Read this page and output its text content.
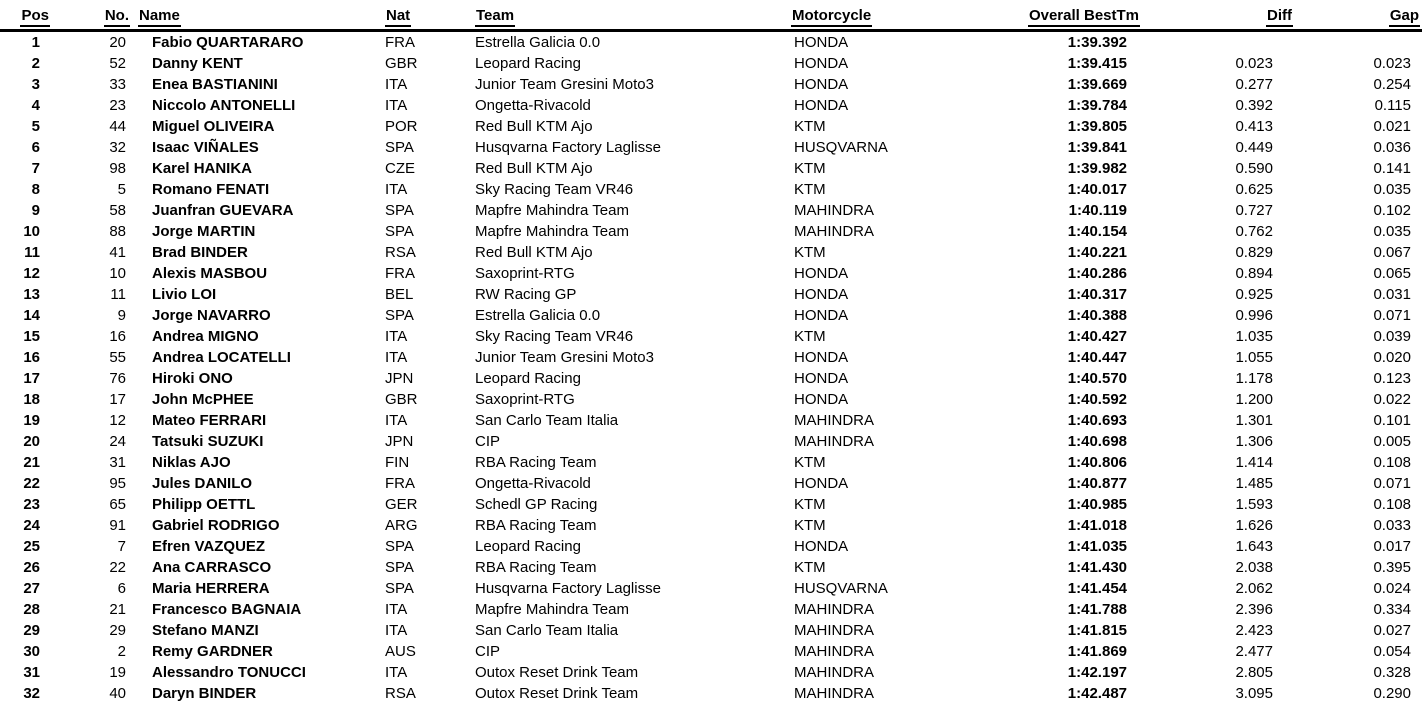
Pos	No.	Name	Nat	Team	Motorcycle	Overall BestTm	Diff	Gap
1	20	Fabio QUARTARARO	FRA	Estrella Galicia 0.0	HONDA	1:39.392		
2	52	Danny KENT	GBR	Leopard Racing	HONDA	1:39.415	0.023	0.023
3	33	Enea BASTIANINI	ITA	Junior Team Gresini Moto3	HONDA	1:39.669	0.277	0.254
4	23	Niccolo ANTONELLI	ITA	Ongetta-Rivacold	HONDA	1:39.784	0.392	0.115
5	44	Miguel OLIVEIRA	POR	Red Bull KTM Ajo	KTM	1:39.805	0.413	0.021
6	32	Isaac VIÑALES	SPA	Husqvarna Factory Laglisse	HUSQVARNA	1:39.841	0.449	0.036
7	98	Karel HANIKA	CZE	Red Bull KTM Ajo	KTM	1:39.982	0.590	0.141
8	5	Romano FENATI	ITA	Sky Racing Team VR46	KTM	1:40.017	0.625	0.035
9	58	Juanfran GUEVARA	SPA	Mapfre Mahindra Team	MAHINDRA	1:40.119	0.727	0.102
10	88	Jorge MARTIN	SPA	Mapfre Mahindra Team	MAHINDRA	1:40.154	0.762	0.035
11	41	Brad BINDER	RSA	Red Bull KTM Ajo	KTM	1:40.221	0.829	0.067
12	10	Alexis MASBOU	FRA	Saxoprint-RTG	HONDA	1:40.286	0.894	0.065
13	11	Livio LOI	BEL	RW Racing GP	HONDA	1:40.317	0.925	0.031
14	9	Jorge NAVARRO	SPA	Estrella Galicia 0.0	HONDA	1:40.388	0.996	0.071
15	16	Andrea MIGNO	ITA	Sky Racing Team VR46	KTM	1:40.427	1.035	0.039
16	55	Andrea LOCATELLI	ITA	Junior Team Gresini Moto3	HONDA	1:40.447	1.055	0.020
17	76	Hiroki ONO	JPN	Leopard Racing	HONDA	1:40.570	1.178	0.123
18	17	John McPHEE	GBR	Saxoprint-RTG	HONDA	1:40.592	1.200	0.022
19	12	Mateo FERRARI	ITA	San Carlo Team Italia	MAHINDRA	1:40.693	1.301	0.101
20	24	Tatsuki SUZUKI	JPN	CIP	MAHINDRA	1:40.698	1.306	0.005
21	31	Niklas AJO	FIN	RBA Racing Team	KTM	1:40.806	1.414	0.108
22	95	Jules DANILO	FRA	Ongetta-Rivacold	HONDA	1:40.877	1.485	0.071
23	65	Philipp OETTL	GER	Schedl GP Racing	KTM	1:40.985	1.593	0.108
24	91	Gabriel RODRIGO	ARG	RBA Racing Team	KTM	1:41.018	1.626	0.033
25	7	Efren VAZQUEZ	SPA	Leopard Racing	HONDA	1:41.035	1.643	0.017
26	22	Ana CARRASCO	SPA	RBA Racing Team	KTM	1:41.430	2.038	0.395
27	6	Maria HERRERA	SPA	Husqvarna Factory Laglisse	HUSQVARNA	1:41.454	2.062	0.024
28	21	Francesco BAGNAIA	ITA	Mapfre Mahindra Team	MAHINDRA	1:41.788	2.396	0.334
29	29	Stefano MANZI	ITA	San Carlo Team Italia	MAHINDRA	1:41.815	2.423	0.027
30	2	Remy GARDNER	AUS	CIP	MAHINDRA	1:41.869	2.477	0.054
31	19	Alessandro TONUCCI	ITA	Outox Reset Drink Team	MAHINDRA	1:42.197	2.805	0.328
32	40	Daryn BINDER	RSA	Outox Reset Drink Team	MAHINDRA	1:42.487	3.095	0.290
